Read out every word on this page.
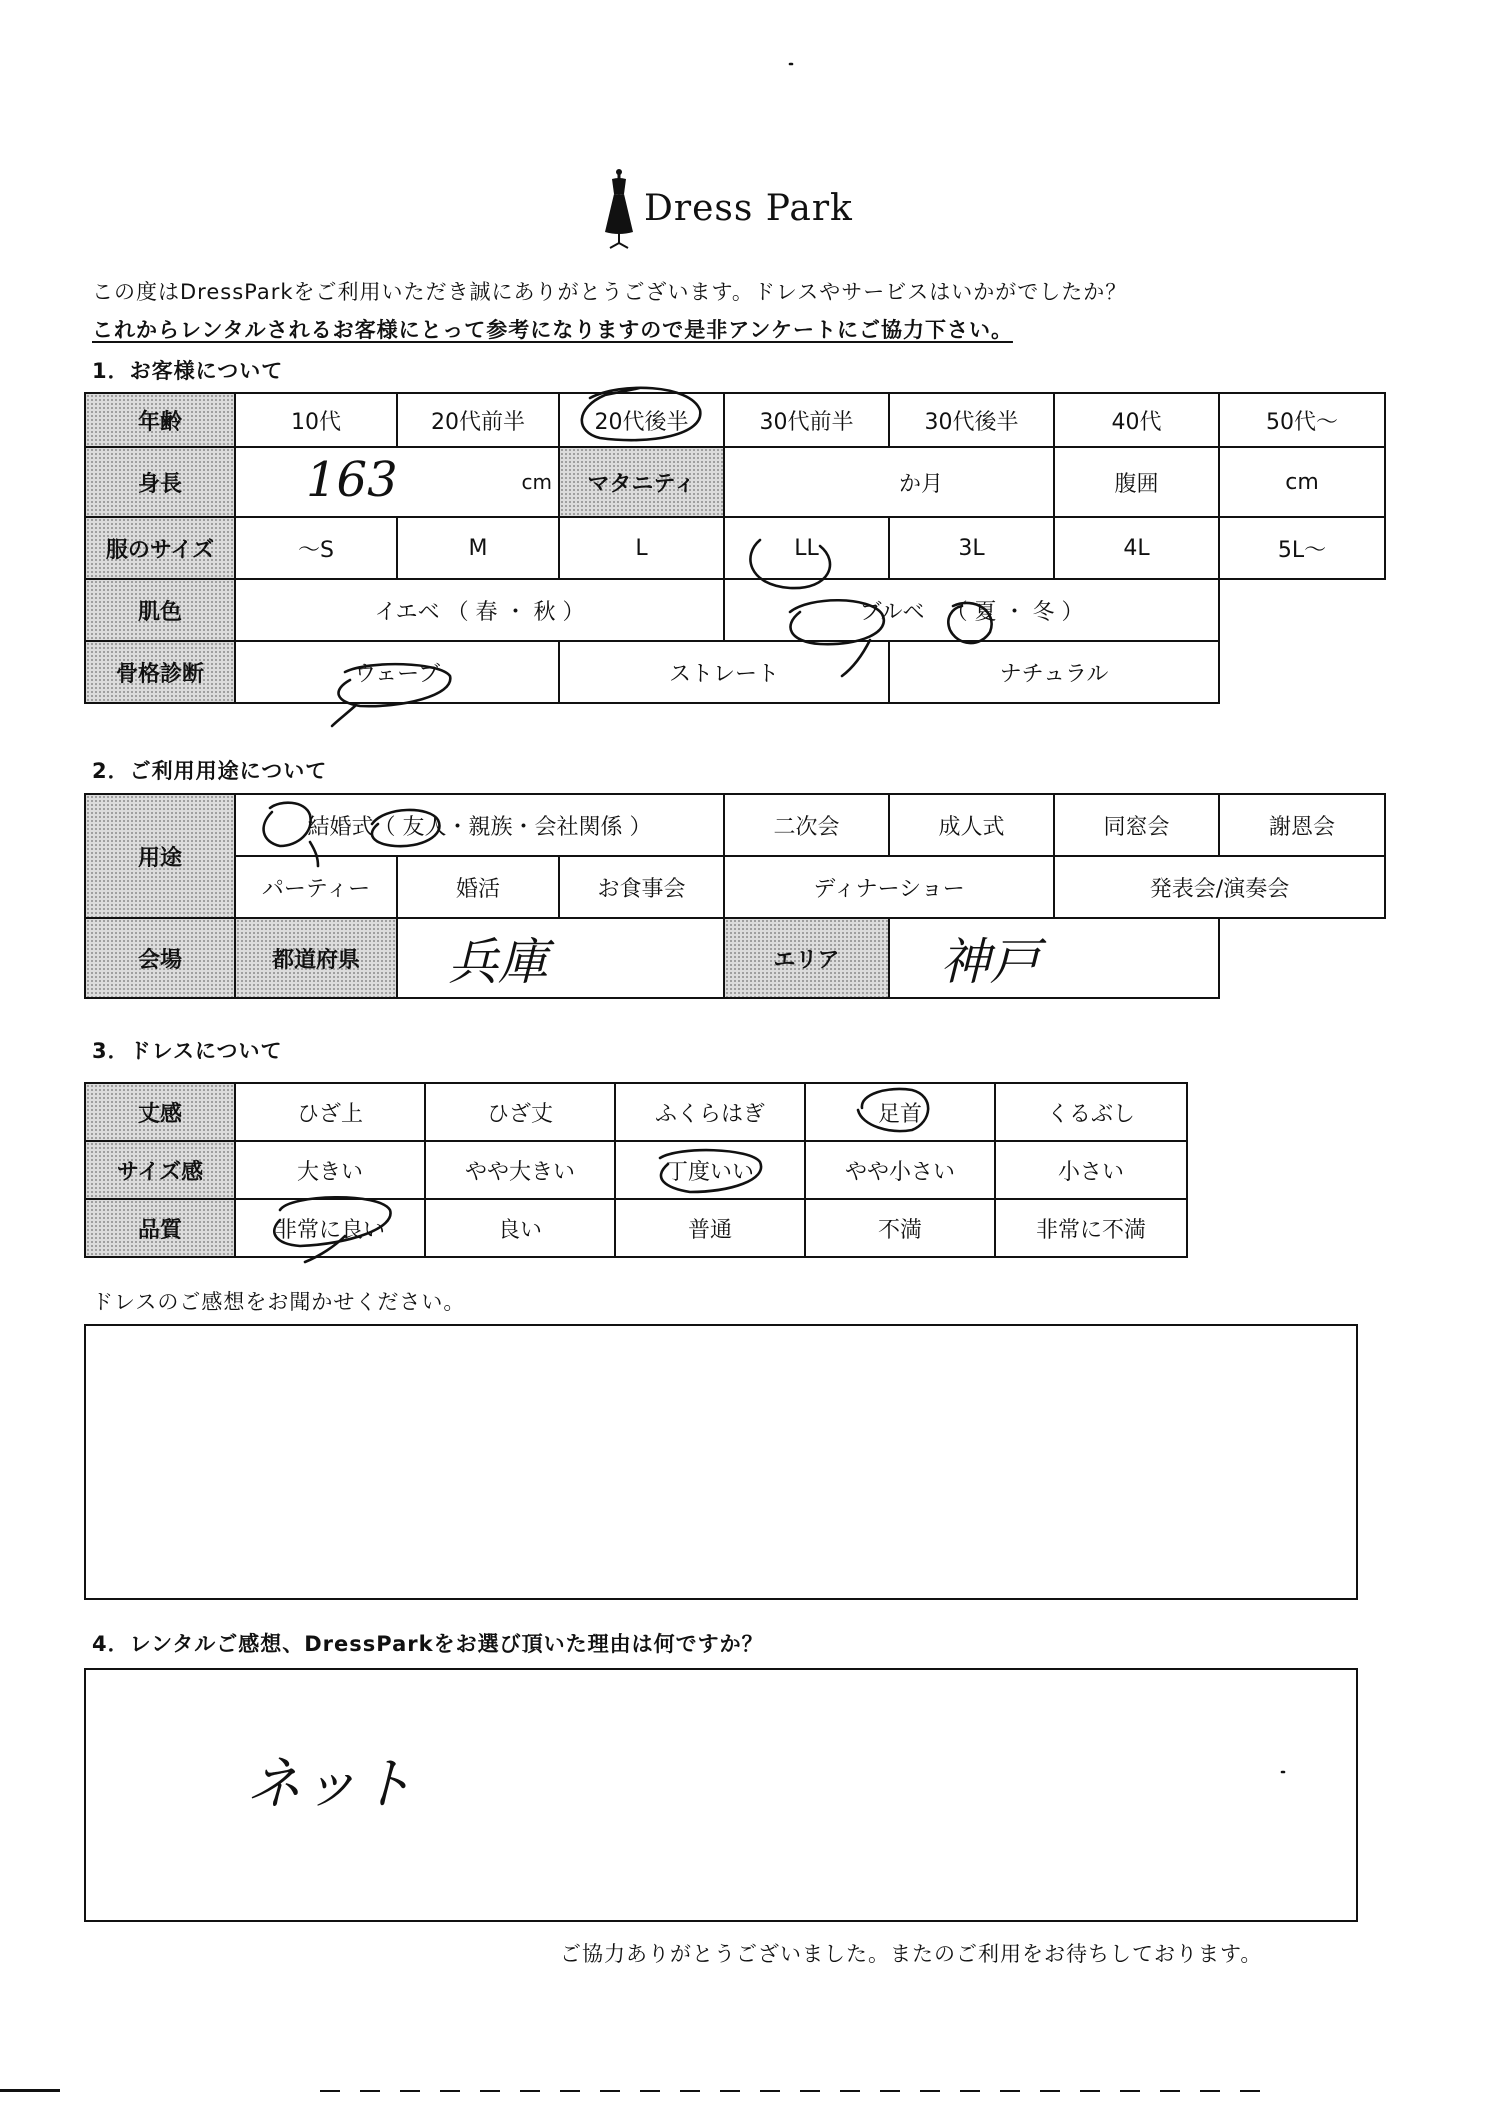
Dress Park
この度はDressParkをご利用いただき誠にありがとうございます。ドレスやサービスはいかがでしたか？
これからレンタルされるお客様にとって参考になりますので是非アンケートにご協力下さい。
1．お客様について
年齢	10代	20代前半	20代後半	30代前半	30代後半	40代	50代～
身長	163 cm		マタニティ	か月		腹囲	cm
服のサイズ	～S	M	L	LL	3L	4L	5L～
肌色	イエベ （ 春 ・ 秋 ）			ブルベ （ 夏 ・ 冬 ）			
骨格診断	ウェーブ		ストレート		ナチュラル		
2．ご利用用途について
用途	結婚式（ 友人・親族・会社関係 ）			二次会	成人式	同窓会	謝恩会
	パーティー	婚活	お食事会	ディナーショー		発表会/演奏会	
会場	都道府県	兵庫		エリア	神戸		
3．ドレスについて
丈感	ひざ上	ひざ丈	ふくらはぎ	足首	くるぶし
サイズ感	大きい	やや大きい	丁度いい	やや小さい	小さい
品質	非常に良い	良い	普通	不満	非常に不満
ドレスのご感想をお聞かせください。
4．レンタルご感想、DressParkをお選び頂いた理由は何ですか？
ネット
ご協力ありがとうございました。またのご利用をお待ちしております。
